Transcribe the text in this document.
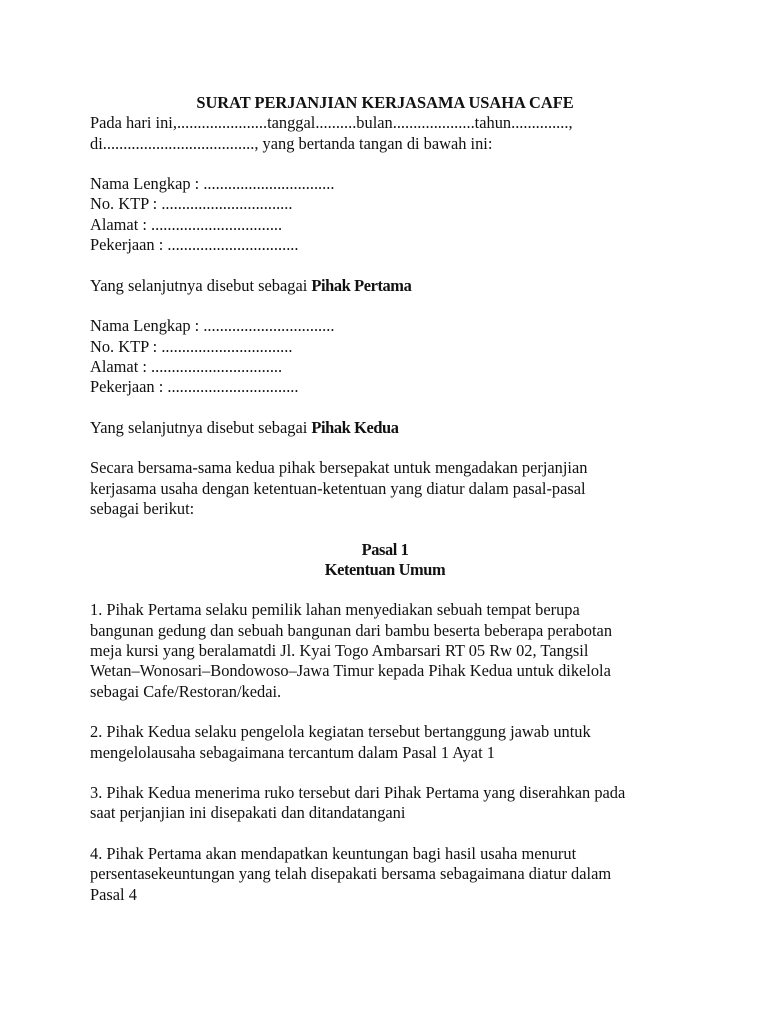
SURAT PERJANJIAN KERJASAMA USAHA CAFE

Pada hari ini,......................tanggal..........bulan....................tahun..............,

di....................................., yang bertanda tangan di bawah ini:

Nama Lengkap : ................................

No. KTP : ................................

Alamat : ................................

Pekerjaan : ................................

Yang selanjutnya disebut sebagai Pihak Pertama

Nama Lengkap : ................................

No. KTP : ................................

Alamat : ................................

Pekerjaan : ................................

Yang selanjutnya disebut sebagai Pihak Kedua

Secara bersama-sama kedua pihak bersepakat untuk mengadakan perjanjian

kerjasama usaha dengan ketentuan-ketentuan yang diatur dalam pasal-pasal

sebagai berikut:

Pasal 1

Ketentuan Umum

1. Pihak Pertama selaku pemilik lahan menyediakan sebuah tempat berupa

bangunan gedung dan sebuah bangunan dari bambu beserta beberapa perabotan

meja kursi yang beralamatdi Jl. Kyai Togo Ambarsari RT 05 Rw 02, Tangsil

Wetan–Wonosari–Bondowoso–Jawa Timur kepada Pihak Kedua untuk dikelola

sebagai Cafe/Restoran/kedai.

2. Pihak Kedua selaku pengelola kegiatan tersebut bertanggung jawab untuk

mengelolausaha sebagaimana tercantum dalam Pasal 1 Ayat 1

3. Pihak Kedua menerima ruko tersebut dari Pihak Pertama yang diserahkan pada

saat perjanjian ini disepakati dan ditandatangani

4. Pihak Pertama akan mendapatkan keuntungan bagi hasil usaha menurut

persentasekeuntungan yang telah disepakati bersama sebagaimana diatur dalam

Pasal 4
